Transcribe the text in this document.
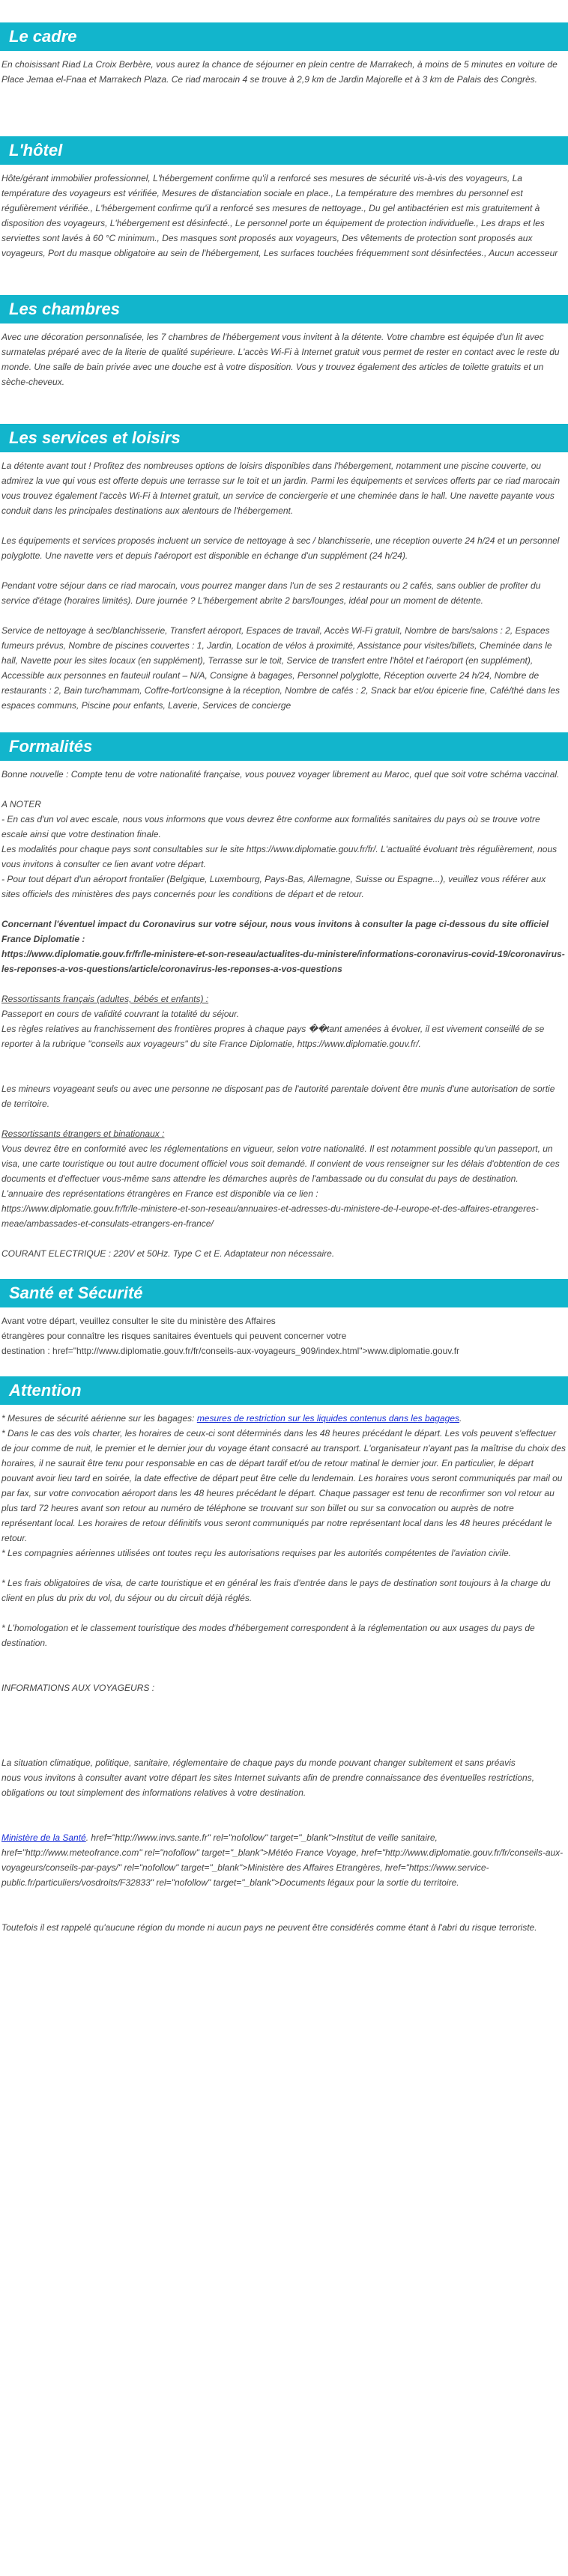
Le cadre

En choisissant Riad La Croix Berbère, vous aurez la chance de séjourner en plein centre de Marrakech, à moins de 5 minutes en voiture de Place Jemaa el-Fnaa et Marrakech Plaza. Ce riad marocain 4 se trouve à 2,9 km de Jardin Majorelle et à 3 km de Palais des Congrès.

L'hôtel

Hôte/gérant immobilier professionnel, L'hébergement confirme qu'il a renforcé ses mesures de sécurité vis-à-vis des voyageurs, La température des voyageurs est vérifiée, Mesures de distanciation sociale en place., La température des membres du personnel est régulièrement vérifiée., L'hébergement confirme qu'il a renforcé ses mesures de nettoyage., Du gel antibactérien est mis gratuitement à disposition des voyageurs, L'hébergement est désinfecté., Le personnel porte un équipement de protection individuelle., Les draps et les serviettes sont lavés à 60 °C minimum., Des masques sont proposés aux voyageurs, Des vêtements de protection sont proposés aux voyageurs, Port du masque obligatoire au sein de l'hébergement, Les surfaces touchées fréquemment sont désinfectées., Aucun accesseur

Les chambres

Avec une décoration personnalisée, les 7 chambres de l'hébergement vous invitent à la détente. Votre chambre est équipée d'un lit avec surmatelas préparé avec de la literie de qualité supérieure. L'accès Wi-Fi à Internet gratuit vous permet de rester en contact avec le reste du monde. Une salle de bain privée avec une douche est à votre disposition. Vous y trouvez également des articles de toilette gratuits et un sèche-cheveux.

Les services et loisirs

La détente avant tout ! Profitez des nombreuses options de loisirs disponibles dans l'hébergement, notamment une piscine couverte, ou admirez la vue qui vous est offerte depuis une terrasse sur le toit et un jardin. Parmi les équipements et services offerts par ce riad marocain vous trouvez également l'accès Wi-Fi à Internet gratuit, un service de conciergerie et une cheminée dans le hall. Une navette payante vous conduit dans les principales destinations aux alentours de l'hébergement.

Les équipements et services proposés incluent un service de nettoyage à sec / blanchisserie, une réception ouverte 24 h/24 et un personnel polyglotte. Une navette vers et depuis l'aéroport est disponible en échange d'un supplément (24 h/24).

Pendant votre séjour dans ce riad marocain, vous pourrez manger dans l'un de ses 2 restaurants ou 2 cafés, sans oublier de profiter du service d'étage (horaires limités). Dure journée ? L'hébergement abrite 2 bars/lounges, idéal pour un moment de détente.

Service de nettoyage à sec/blanchisserie, Transfert aéroport, Espaces de travail, Accès Wi-Fi gratuit, Nombre de bars/salons : 2, Espaces fumeurs prévus, Nombre de piscines couvertes : 1, Jardin, Location de vélos à proximité, Assistance pour visites/billets, Cheminée dans le hall, Navette pour les sites locaux (en supplément), Terrasse sur le toit, Service de transfert entre l'hôtel et l'aéroport (en supplément), Accessible aux personnes en fauteuil roulant – N/A, Consigne à bagages, Personnel polyglotte, Réception ouverte 24 h/24, Nombre de restaurants : 2, Bain turc/hammam, Coffre-fort/consigne à la réception, Nombre de cafés : 2, Snack bar et/ou épicerie fine, Café/thé dans les espaces communs, Piscine pour enfants, Laverie, Services de concierge

Formalités

Bonne nouvelle : Compte tenu de votre nationalité française, vous pouvez voyager librement au Maroc, quel que soit votre schéma vaccinal.

A NOTER
- En cas d'un vol avec escale, nous vous informons que vous devrez être conforme aux formalités sanitaires du pays où se trouve votre escale ainsi que votre destination finale.
Les modalités pour chaque pays sont consultables sur le site https://www.diplomatie.gouv.fr/fr/. L'actualité évoluant très régulièrement, nous vous invitons à consulter ce lien avant votre départ.
- Pour tout départ d'un aéroport frontalier (Belgique, Luxembourg, Pays-Bas, Allemagne, Suisse ou Espagne...), veuillez vous référer aux sites officiels des ministères des pays concernés pour les conditions de départ et de retour.

Concernant l'éventuel impact du Coronavirus sur votre séjour, nous vous invitons à consulter la page ci-dessous du site officiel France Diplomatie :
https://www.diplomatie.gouv.fr/fr/le-ministere-et-son-reseau/actualites-du-ministere/informations-coronavirus-covid-19/coronavirus-les-reponses-a-vos-questions/article/coronavirus-les-reponses-a-vos-questions

Ressortissants français (adultes, bébés et enfants) :
Passeport en cours de validité couvrant la totalité du séjour.
Les règles relatives au franchissement des frontières propres à chaque pays ��tant amenées à évoluer, il est vivement conseillé de se reporter à la rubrique "conseils aux voyageurs" du site France Diplomatie, https://www.diplomatie.gouv.fr/.

Les mineurs voyageant seuls ou avec une personne ne disposant pas de l'autorité parentale doivent être munis d'une autorisation de sortie de territoire.

Ressortissants étrangers et binationaux :
Vous devrez être en conformité avec les réglementations en vigueur, selon votre nationalité. Il est notamment possible qu'un passeport, un visa, une carte touristique ou tout autre document officiel vous soit demandé. Il convient de vous renseigner sur les délais d'obtention de ces documents et d'effectuer vous-même sans attendre les démarches auprès de l'ambassade ou du consulat du pays de destination.
L'annuaire des représentations étrangères en France est disponible via ce lien :
https://www.diplomatie.gouv.fr/fr/le-ministere-et-son-reseau/annuaires-et-adresses-du-ministere-de-l-europe-et-des-affaires-etrangeres-meae/ambassades-et-consulats-etrangers-en-france/

COURANT ELECTRIQUE : 220V et 50Hz. Type C et E. Adaptateur non nécessaire.

Santé et Sécurité

Avant votre départ, veuillez consulter le site du ministère des Affaires
étrangères pour connaître les risques sanitaires éventuels qui peuvent concerner votre
destination : href="http://www.diplomatie.gouv.fr/fr/conseils-aux-voyageurs_909/index.html">www.diplomatie.gouv.fr

Attention

* Mesures de sécurité aérienne sur les bagages: mesures de restriction sur les liquides contenus dans les bagages.
* Dans le cas des vols charter, les horaires de ceux-ci sont déterminés dans les 48 heures précédant le départ. Les vols peuvent s'effectuer de jour comme de nuit, le premier et le dernier jour du voyage étant consacré au transport. L'organisateur n'ayant pas la maîtrise du choix des horaires, il ne saurait être tenu pour responsable en cas de départ tardif et/ou de retour matinal le dernier jour. En particulier, le départ pouvant avoir lieu tard en soirée, la date effective de départ peut être celle du lendemain. Les horaires vous seront communiqués par mail ou par fax, sur votre convocation aéroport dans les 48 heures précédant le départ. Chaque passager est tenu de reconfirmer son vol retour au plus tard 72 heures avant son retour au numéro de téléphone se trouvant sur son billet ou sur sa convocation ou auprès de notre représentant local. Les horaires de retour définitifs vous seront communiqués par notre représentant local dans les 48 heures précédant le retour.
* Les compagnies aériennes utilisées ont toutes reçu les autorisations requises par les autorités compétentes de l'aviation civile.

* Les frais obligatoires de visa, de carte touristique et en général les frais d'entrée dans le pays de destination sont toujours à la charge du client en plus du prix du vol, du séjour ou du circuit déjà réglés.

* L'homologation et le classement touristique des modes d'hébergement correspondent à la réglementation ou aux usages du pays de destination.

INFORMATIONS AUX VOYAGEURS :

La situation climatique, politique, sanitaire, réglementaire de chaque pays du monde pouvant changer subitement et sans préavis
nous vous invitons à consulter avant votre départ les sites Internet suivants afin de prendre connaissance des éventuelles restrictions, obligations ou tout simplement des informations relatives à votre destination.

Ministère de la Santé. href="http://www.invs.sante.fr" rel="nofollow" target="_blank">Institut de veille sanitaire, href="http://www.meteofrance.com" rel="nofollow" target="_blank">Météo France Voyage, href="http://www.diplomatie.gouv.fr/fr/conseils-aux-voyageurs/conseils-par-pays/" rel="nofollow" target="_blank">Ministère des Affaires Etrangères, href="https://www.service-public.fr/particuliers/vosdroits/F32833" rel="nofollow" target="_blank">Documents légaux pour la sortie du territoire.

Toutefois il est rappelé qu'aucune région du monde ni aucun pays ne peuvent être considérés comme étant à l'abri du risque terroriste.
